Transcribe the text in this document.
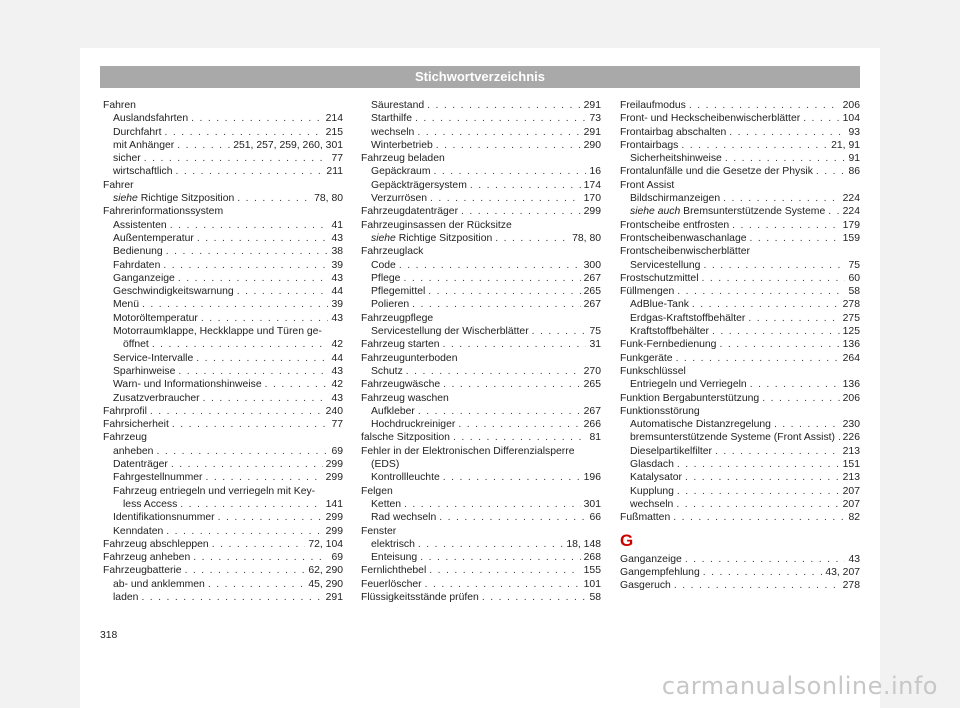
Stichwortverzeichnis
Fahren
Auslandsfahrten . . .	214
Durchfahrt . . .	215
mit Anhänger . . .	251, 257, 259, 260, 301
sicher . . .	77
wirtschaftlich . . .	211
Fahrer
siehe Richtige Sitzposition . . .	78, 80
Fahrerinformationssystem
Assistenten . . .	41
Außentemperatur . . .	43
Bedienung . . .	38
Fahrdaten . . .	39
Ganganzeige . . .	43
Geschwindigkeitswarnung . . .	44
Menü . . .	39
Motoröltemperatur . . .	43
Motorraumklappe, Heckklappe und Türen ge-
öffnet . . .	42
Service-Intervalle . . .	44
Sparhinweise . . .	43
Warn- und Informationshinweise . . .	42
Zusatzverbraucher . . .	43
Fahrprofil . . .	240
Fahrsicherheit . . .	77
Fahrzeug
anheben . . .	69
Datenträger . . .	299
Fahrgestellnummer . . .	299
Fahrzeug entriegeln und verriegeln mit Key-
less Access . . .	141
Identifikationsnummer . . .	299
Kenndaten . . .	299
Fahrzeug abschleppen . . .	72, 104
Fahrzeug anheben . . .	69
Fahrzeugbatterie . . .	62, 290
ab- und anklemmen . . .	45, 290
laden . . .	291
Säurestand . . .	291
Starthilfe . . .	73
wechseln . . .	291
Winterbetrieb . . .	290
Fahrzeug beladen
Gepäckraum . . .	16
Gepäckträgersystem . . .	174
Verzurrösen . . .	170
Fahrzeugdatenträger . . .	299
Fahrzeuginsassen der Rücksitze
siehe Richtige Sitzposition . . .	78, 80
Fahrzeuglack
Code . . .	300
Pflege . . .	267
Pflegemittel . . .	265
Polieren . . .	267
Fahrzeugpflege
Servicestellung der Wischerblätter . . .	75
Fahrzeug starten . . .	31
Fahrzeugunterboden
Schutz . . .	270
Fahrzeugwäsche . . .	265
Fahrzeug waschen
Aufkleber . . .	267
Hochdruckreiniger . . .	266
falsche Sitzposition . . .	81
Fehler in der Elektronischen Differenzialsperre
(EDS)
Kontrollleuchte . . .	196
Felgen
Ketten . . .	301
Rad wechseln . . .	66
Fenster
elektrisch . . .	18, 148
Enteisung . . .	268
Fernlichthebel . . .	155
Feuerlöscher . . .	101
Flüssigkeitsstände prüfen . . .	58
Freilaufmodus . . .	206
Front- und Heckscheibenwischerblätter . . .	104
Frontairbag abschalten . . .	93
Frontairbags . . .	21, 91
Sicherheitshinweise . . .	91
Frontalunfälle und die Gesetze der Physik . . .	86
Front Assist
Bildschirmanzeigen . . .	224
siehe auch Bremsunterstützende Systeme . . . 224
Frontscheibe entfrosten . . .	179
Frontscheibenwaschanlage . . .	159
Frontscheibenwischerblätter
Servicestellung . . .	75
Frostschutzmittel . . .	60
Füllmengen . . .	58
AdBlue-Tank . . .	278
Erdgas-Kraftstoffbehälter . . .	275
Kraftstoffbehälter . . .	125
Funk-Fernbedienung . . .	136
Funkgeräte . . .	264
Funkschlüssel
Entriegeln und Verriegeln . . .	136
Funktion Bergabunterstützung . . .	206
Funktionsstörung
Automatische Distanzregelung . . .	230
bremsunterstützende Systeme (Front Assist) . . . 226
Dieselpartikelfilter . . .	213
Glasdach . . .	151
Katalysator . . .	213
Kupplung . . .	207
wechseln . . .	207
Fußmatten . . .	82
G
Ganganzeige . . .	43
Gangempfehlung . . .	43, 207
Gasgeruch . . .	278
318
carmanualsonline.info
